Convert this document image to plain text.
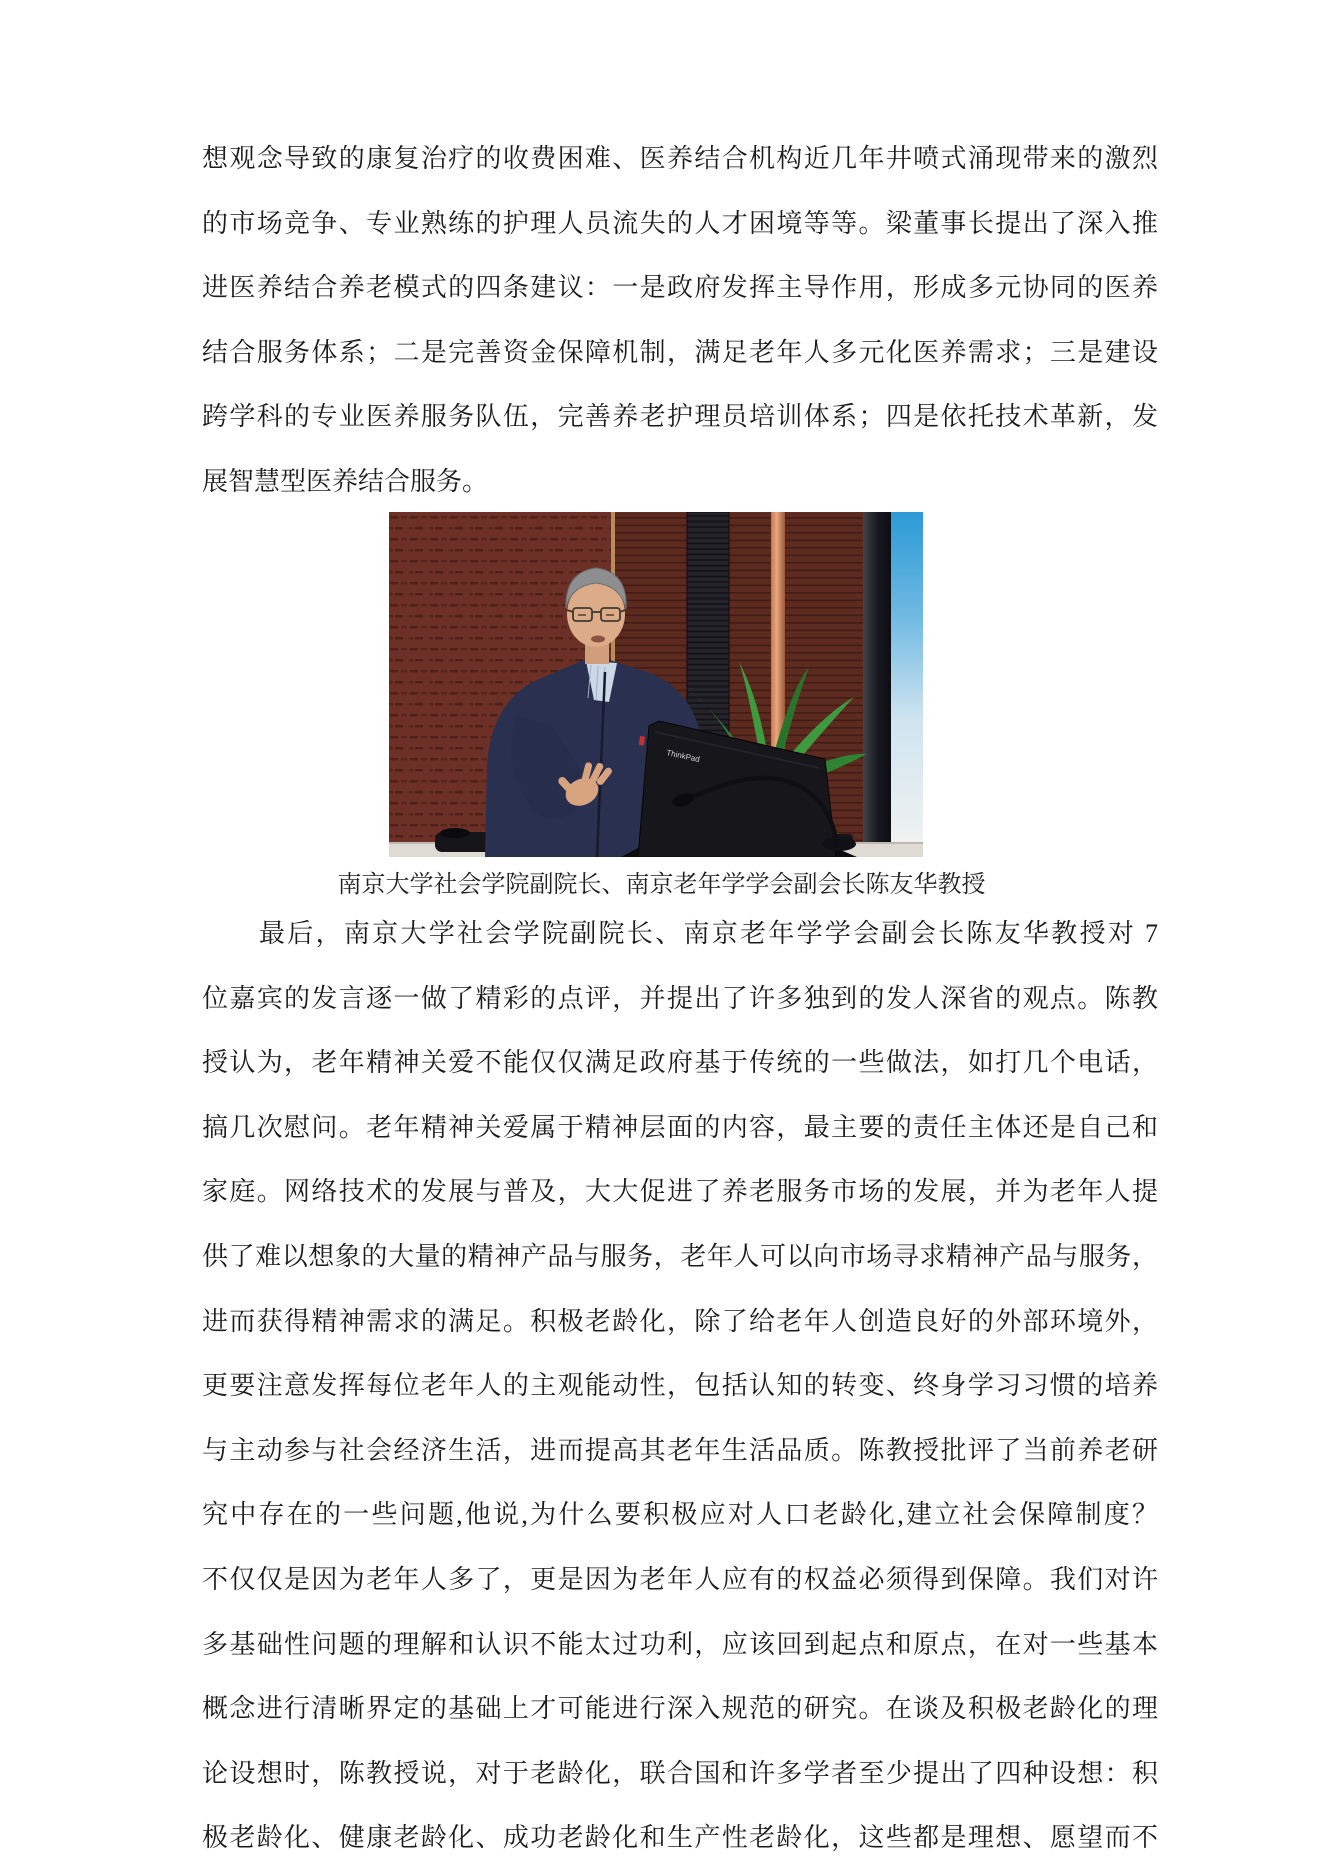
想观念导致的康复治疗的收费困难、医养结合机构近几年井喷式涌现带来的激烈
的市场竞争、专业熟练的护理人员流失的人才困境等等。梁董事长提出了深入推
进医养结合养老模式的四条建议：一是政府发挥主导作用，形成多元协同的医养
结合服务体系；二是完善资金保障机制，满足老年人多元化医养需求；三是建设
跨学科的专业医养服务队伍，完善养老护理员培训体系；四是依托技术革新，发
展智慧型医养结合服务。
ThinkPad
南京大学社会学院副院长、南京老年学学会副会长陈友华教授
最后，南京大学社会学院副院长、南京老年学学会副会长陈友华教授对 7
位嘉宾的发言逐一做了精彩的点评，并提出了许多独到的发人深省的观点。陈教
授认为，老年精神关爱不能仅仅满足政府基于传统的一些做法，如打几个电话，
搞几次慰问。老年精神关爱属于精神层面的内容，最主要的责任主体还是自己和
家庭。网络技术的发展与普及，大大促进了养老服务市场的发展，并为老年人提
供了难以想象的大量的精神产品与服务，老年人可以向市场寻求精神产品与服务，
进而获得精神需求的满足。积极老龄化，除了给老年人创造良好的外部环境外，
更要注意发挥每位老年人的主观能动性，包括认知的转变、终身学习习惯的培养
与主动参与社会经济生活，进而提高其老年生活品质。陈教授批评了当前养老研
究中存在的一些问题,他说,为什么要积极应对人口老龄化,建立社会保障制度？
不仅仅是因为老年人多了，更是因为老年人应有的权益必须得到保障。我们对许
多基础性问题的理解和认识不能太过功利，应该回到起点和原点，在对一些基本
概念进行清晰界定的基础上才可能进行深入规范的研究。在谈及积极老龄化的理
论设想时，陈教授说，对于老龄化，联合国和许多学者至少提出了四种设想：积
极老龄化、健康老龄化、成功老龄化和生产性老龄化，这些都是理想、愿望而不
